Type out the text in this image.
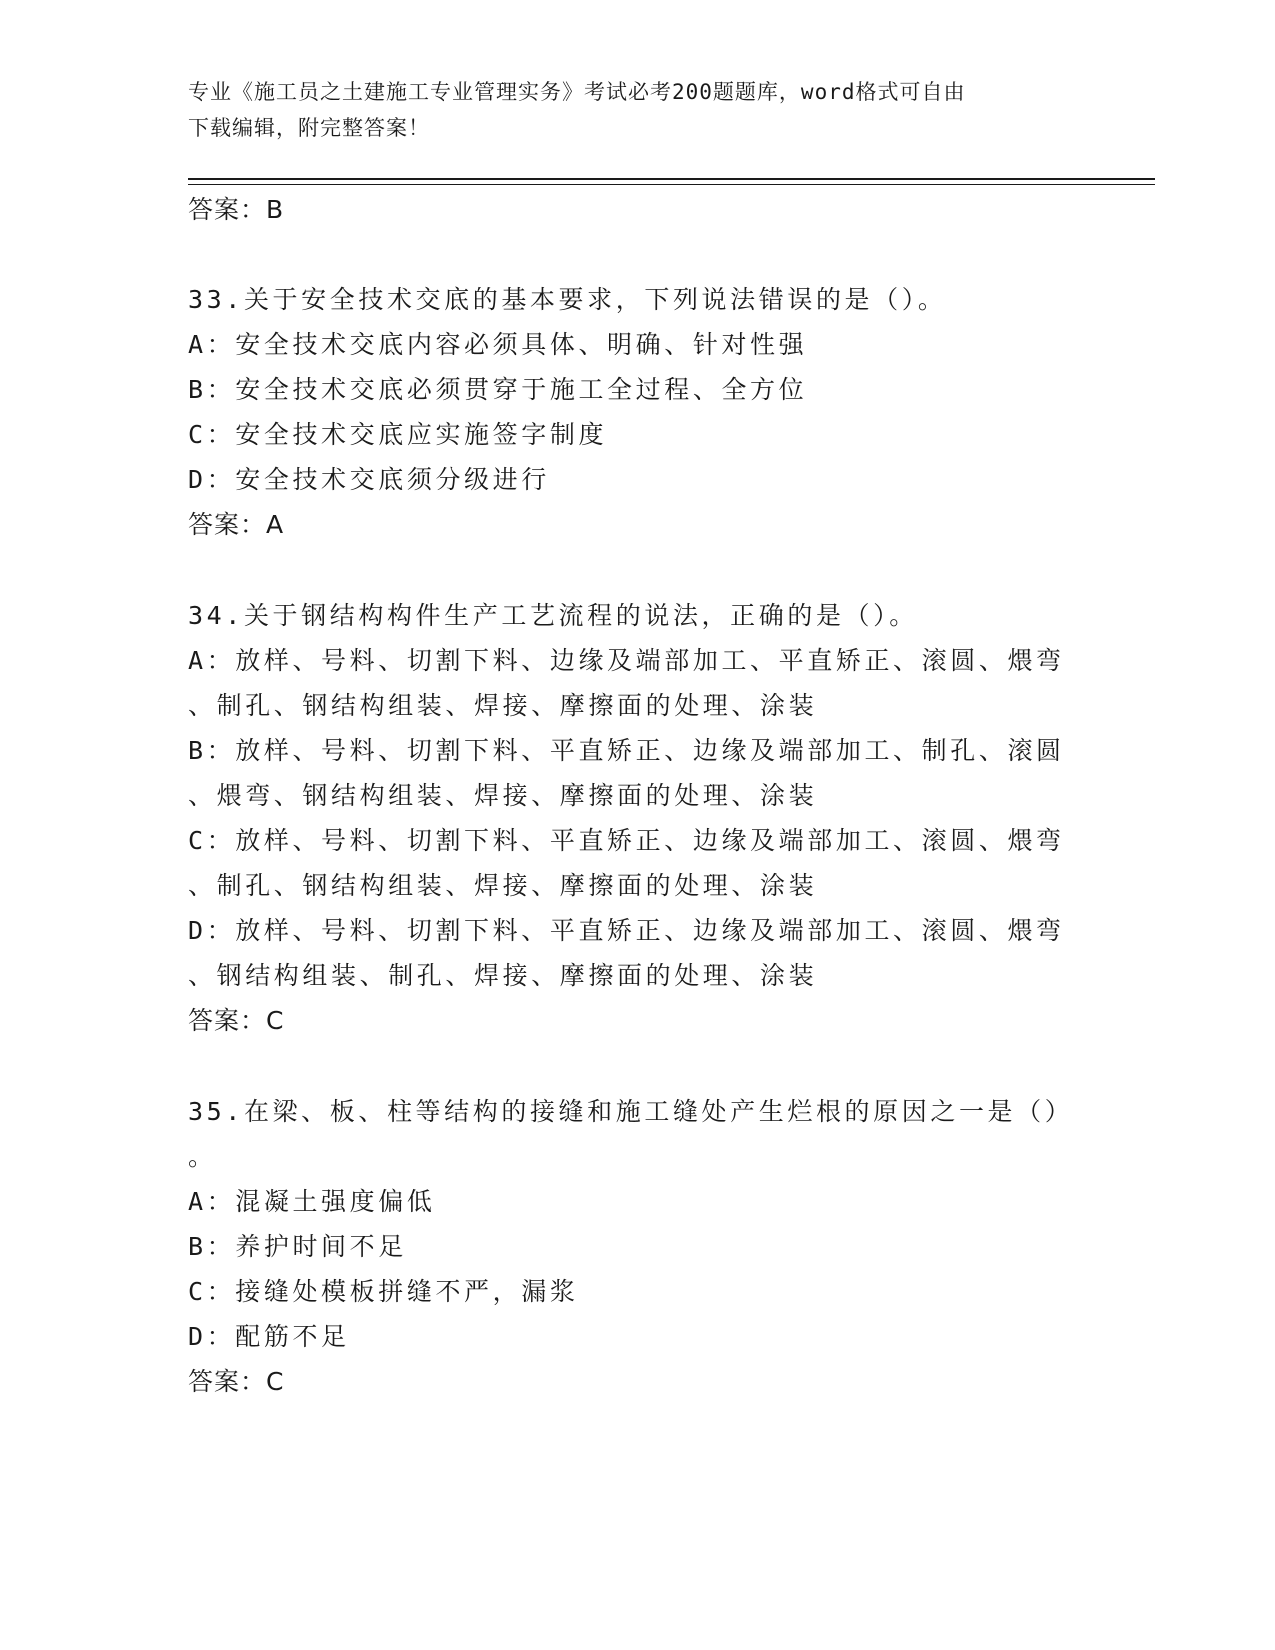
专业《施工员之土建施工专业管理实务》考试必考200题题库，word格式可自由
下载编辑，附完整答案！
答案：B
33.关于安全技术交底的基本要求，下列说法错误的是（）。
A：安全技术交底内容必须具体、明确、针对性强
B：安全技术交底必须贯穿于施工全过程、全方位
C：安全技术交底应实施签字制度
D：安全技术交底须分级进行
答案：A
34.关于钢结构构件生产工艺流程的说法，正确的是（）。
A：放样、号料、切割下料、边缘及端部加工、平直矫正、滚圆、煨弯
、制孔、钢结构组装、焊接、摩擦面的处理、涂装
B：放样、号料、切割下料、平直矫正、边缘及端部加工、制孔、滚圆
、煨弯、钢结构组装、焊接、摩擦面的处理、涂装
C：放样、号料、切割下料、平直矫正、边缘及端部加工、滚圆、煨弯
、制孔、钢结构组装、焊接、摩擦面的处理、涂装
D：放样、号料、切割下料、平直矫正、边缘及端部加工、滚圆、煨弯
、钢结构组装、制孔、焊接、摩擦面的处理、涂装
答案：C
35.在梁、板、柱等结构的接缝和施工缝处产生烂根的原因之一是（）
。
A：混凝土强度偏低
B：养护时间不足
C：接缝处模板拼缝不严，漏浆
D：配筋不足
答案：C
